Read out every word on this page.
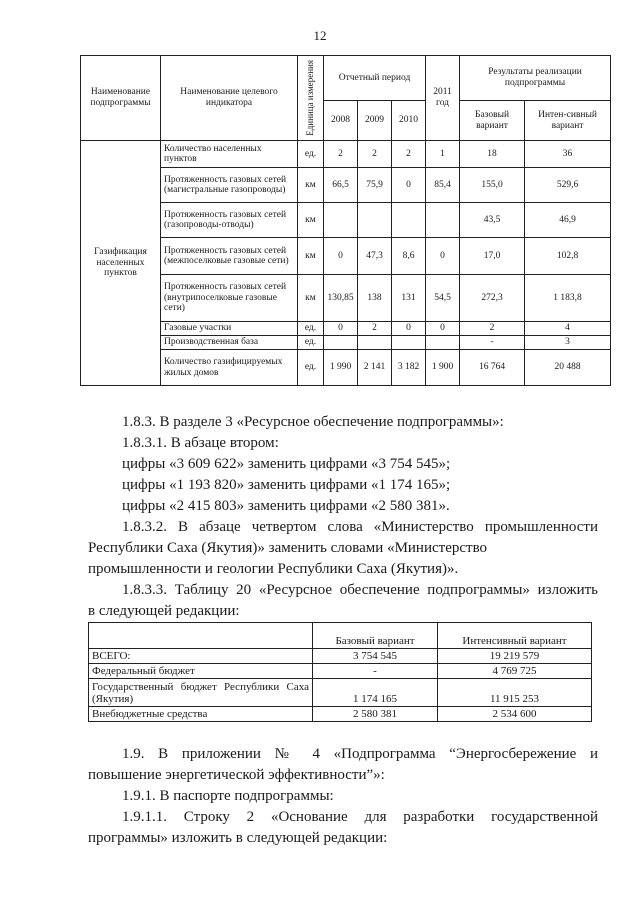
12
Наименование подпрограммы	Наименование целевого индикатора	Единица измерения	Отчетный период			2011 год	Результаты реализации подпрограммы	
			2008	2009	2010		Базовый вариант	Интен-сивный вариант
Газификация населенных пунктов	Количество населенных пунктов	ед.	2	2	2	1	18	36
	Протяженность газовых сетей (магистральные газопроводы)	км	66,5	75,9	0	85,4	155,0	529,6
	Протяженность газовых сетей (газопроводы-отводы)	км					43,5	46,9
	Протяженность газовых сетей (межпоселковые газовые сети)	км	0	47,3	8,6	0	17,0	102,8
	Протяженность газовых сетей (внутрипоселковые газовые сети)	км	130,85	138	131	54,5	272,3	1 183,8
	Газовые участки	ед.	0	2	0	0	2	4
	Производственная база	ед.					-	3
	Количество газифицируемых жилых домов	ед.	1 990	2 141	3 182	1 900	16 764	20 488
1.8.3. В разделе 3 «Ресурсное обеспечение подпрограммы»:
1.8.3.1. В абзаце втором:
цифры «3 609 622» заменить цифрами «3 754 545»;
цифры «1 193 820» заменить цифрами «1 174 165»;
цифры «2 415 803» заменить цифрами «2 580 381».
1.8.3.2. В абзаце четвертом слова «Министерство промышленности Республики Саха (Якутия)» заменить словами «Министерство
промышленности и геологии Республики Саха (Якутия)».
1.8.3.3. Таблицу 20 «Ресурсное обеспечение подпрограммы» изложить
в следующей редакции:
	Базовый вариант	Интенсивный вариант
ВСЕГО:	3 754 545	19 219 579
Федеральный бюджет	-	4 769 725
Государственный бюджет Республики Саха (Якутия)	1 174 165	11 915 253
Внебюджетные средства	2 580 381	2 534 600
1.9. В приложении № 4 «Подпрограмма “Энергосбережение и
повышение энергетической эффективности”»:
1.9.1. В паспорте подпрограммы:
1.9.1.1. Строку 2 «Основание для разработки государственной
программы» изложить в следующей редакции:
